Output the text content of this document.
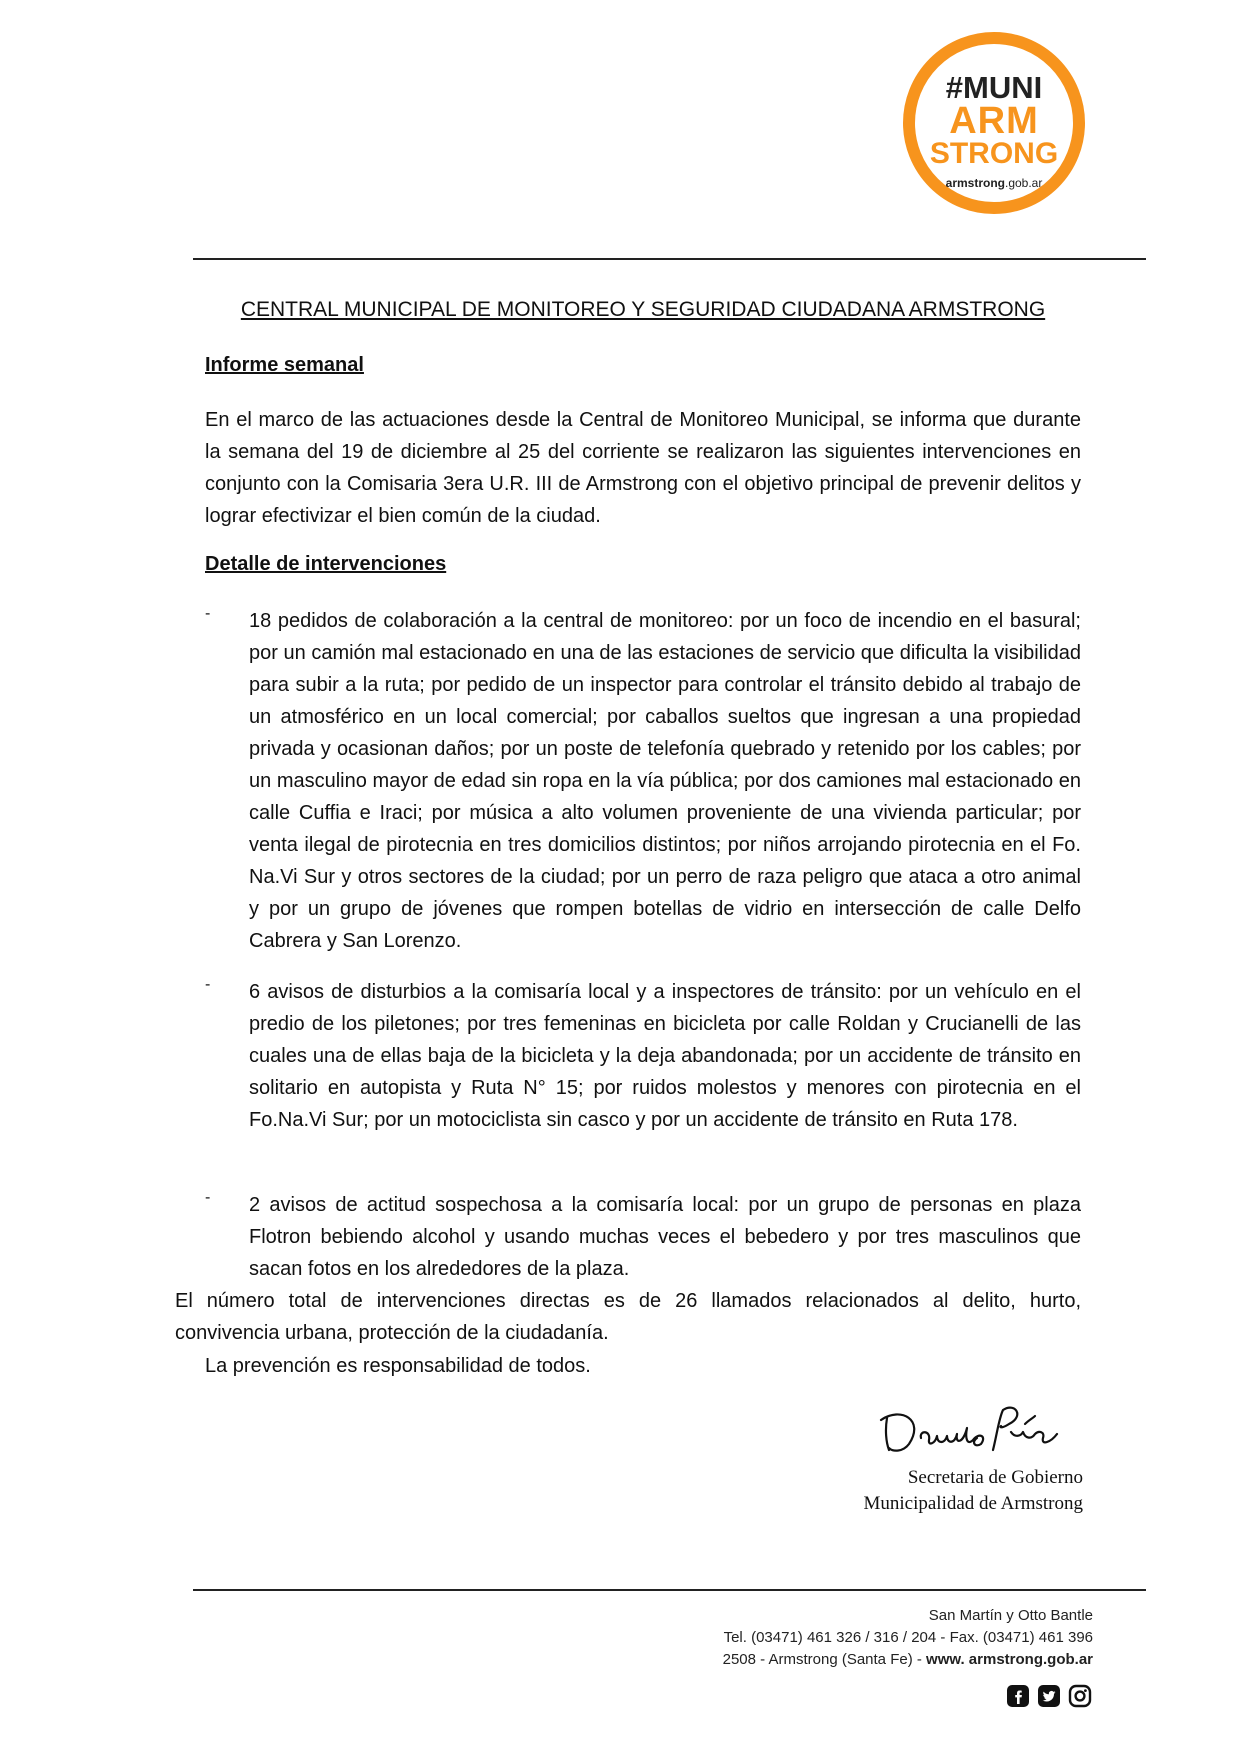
#MUNI
ARM
STRONG
armstrong.gob.ar
CENTRAL MUNICIPAL DE MONITOREO Y SEGURIDAD CIUDADANA ARMSTRONG
Informe semanal

En el marco de las actuaciones desde la Central de Monitoreo Municipal, se informa que durante la semana del 19 de diciembre al 25 del corriente se realizaron las siguientes intervenciones en conjunto con la Comisaria 3era U.R. III de Armstrong con el objetivo principal de prevenir delitos y lograr efectivizar el bien común de la ciudad.

Detalle de intervenciones
-	18 pedidos de colaboración a la central de monitoreo: por un foco de incendio en el basural; por un camión mal estacionado en una de las estaciones de servicio que dificulta la visibilidad para subir a la ruta; por pedido de un inspector para controlar el tránsito debido al trabajo de un atmosférico en un local comercial; por caballos sueltos que ingresan a una propiedad privada y ocasionan daños; por un poste de telefonía quebrado y retenido por los cables; por un masculino mayor de edad sin ropa en la vía pública; por dos camiones mal estacionado en calle Cuffia e Iraci; por música a alto volumen proveniente de una vivienda particular; por venta ilegal de pirotecnia en tres domicilios distintos; por niños arrojando pirotecnia en el Fo. Na.Vi Sur y otros sectores de la ciudad; por un perro de raza peligro que ataca a otro animal y por un grupo de jóvenes que rompen botellas de vidrio en intersección de calle Delfo Cabrera y San Lorenzo.
-	6 avisos de disturbios a la comisaría local y a inspectores de tránsito: por un vehículo en el predio de los piletones; por tres femeninas en bicicleta por calle Roldan y Crucianelli de las cuales una de ellas baja de la bicicleta y la deja abandonada; por un accidente de tránsito en solitario en autopista y Ruta N° 15; por ruidos molestos y menores con pirotecnia en el Fo.Na.Vi Sur; por un motociclista sin casco y por un accidente de tránsito en Ruta 178.
-	2 avisos de actitud sospechosa a la comisaría local: por un grupo de personas en plaza Flotron bebiendo alcohol y usando muchas veces el bebedero y por tres masculinos que sacan fotos en los alrededores de la plaza.

El número total de intervenciones directas es de 26 llamados relacionados al delito, hurto, convivencia urbana, protección de la ciudadanía.

La prevención es responsabilidad de todos.
Secretaria de Gobierno
Municipalidad de Armstrong
San Martín y Otto Bantle
Tel. (03471) 461 326 / 316 / 204 - Fax. (03471) 461 396
2508 - Armstrong (Santa Fe) - www. armstrong.gob.ar
